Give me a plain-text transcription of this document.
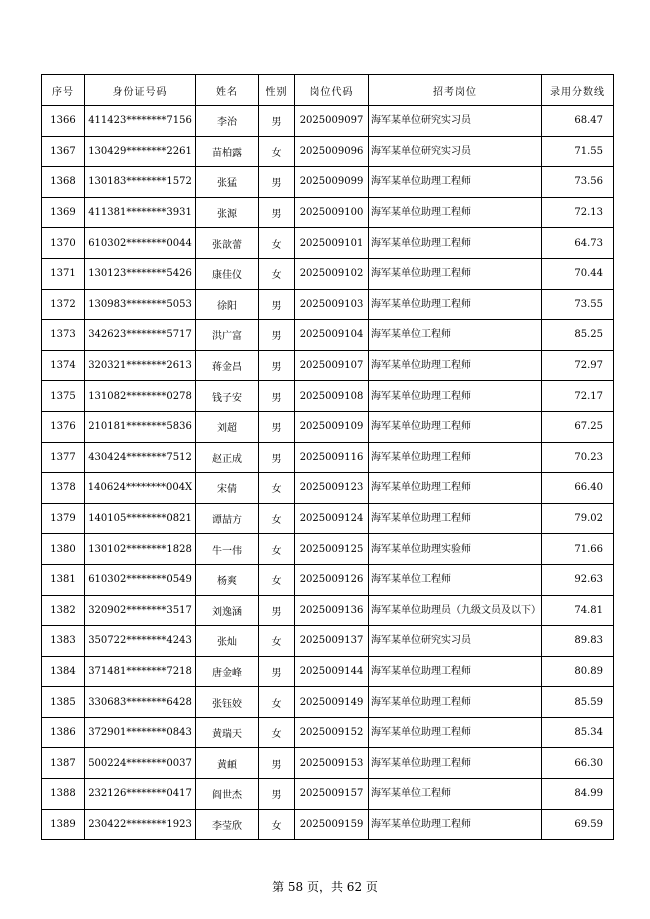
序号	身份证号码	姓名	性别	岗位代码	招考岗位	录用分数线
1366	411423********7156	李治	男	2025009097	海军某单位研究实习员	68.47
1367	130429********2261	苗柏露	女	2025009096	海军某单位研究实习员	71.55
1368	130183********1572	张猛	男	2025009099	海军某单位助理工程师	73.56
1369	411381********3931	张源	男	2025009100	海军某单位助理工程师	72.13
1370	610302********0044	张歆蕾	女	2025009101	海军某单位助理工程师	64.73
1371	130123********5426	康佳仪	女	2025009102	海军某单位助理工程师	70.44
1372	130983********5053	徐阳	男	2025009103	海军某单位助理工程师	73.55
1373	342623********5717	洪广富	男	2025009104	海军某单位工程师	85.25
1374	320321********2613	蒋金昌	男	2025009107	海军某单位助理工程师	72.97
1375	131082********0278	钱子安	男	2025009108	海军某单位助理工程师	72.17
1376	210181********5836	刘超	男	2025009109	海军某单位助理工程师	67.25
1377	430424********7512	赵正成	男	2025009116	海军某单位助理工程师	70.23
1378	140624********004X	宋倩	女	2025009123	海军某单位助理工程师	66.40
1379	140105********0821	谭喆方	女	2025009124	海军某单位助理工程师	79.02
1380	130102********1828	牛一伟	女	2025009125	海军某单位助理实验师	71.66
1381	610302********0549	杨爽	女	2025009126	海军某单位工程师	92.63
1382	320902********3517	刘逸涵	男	2025009136	海军某单位助理员（九级文员及以下）	74.81
1383	350722********4243	张灿	女	2025009137	海军某单位研究实习员	89.83
1384	371481********7218	唐金峰	男	2025009144	海军某单位助理工程师	80.89
1385	330683********6428	张钰姣	女	2025009149	海军某单位助理工程师	85.59
1386	372901********0843	黄瑞天	女	2025009152	海军某单位助理工程师	85.34
1387	500224********0037	黄頔	男	2025009153	海军某单位助理工程师	66.30
1388	232126********0417	阎世杰	男	2025009157	海军某单位工程师	84.99
1389	230422********1923	李莹欣	女	2025009159	海军某单位助理工程师	69.59
第 58 页，共 62 页
